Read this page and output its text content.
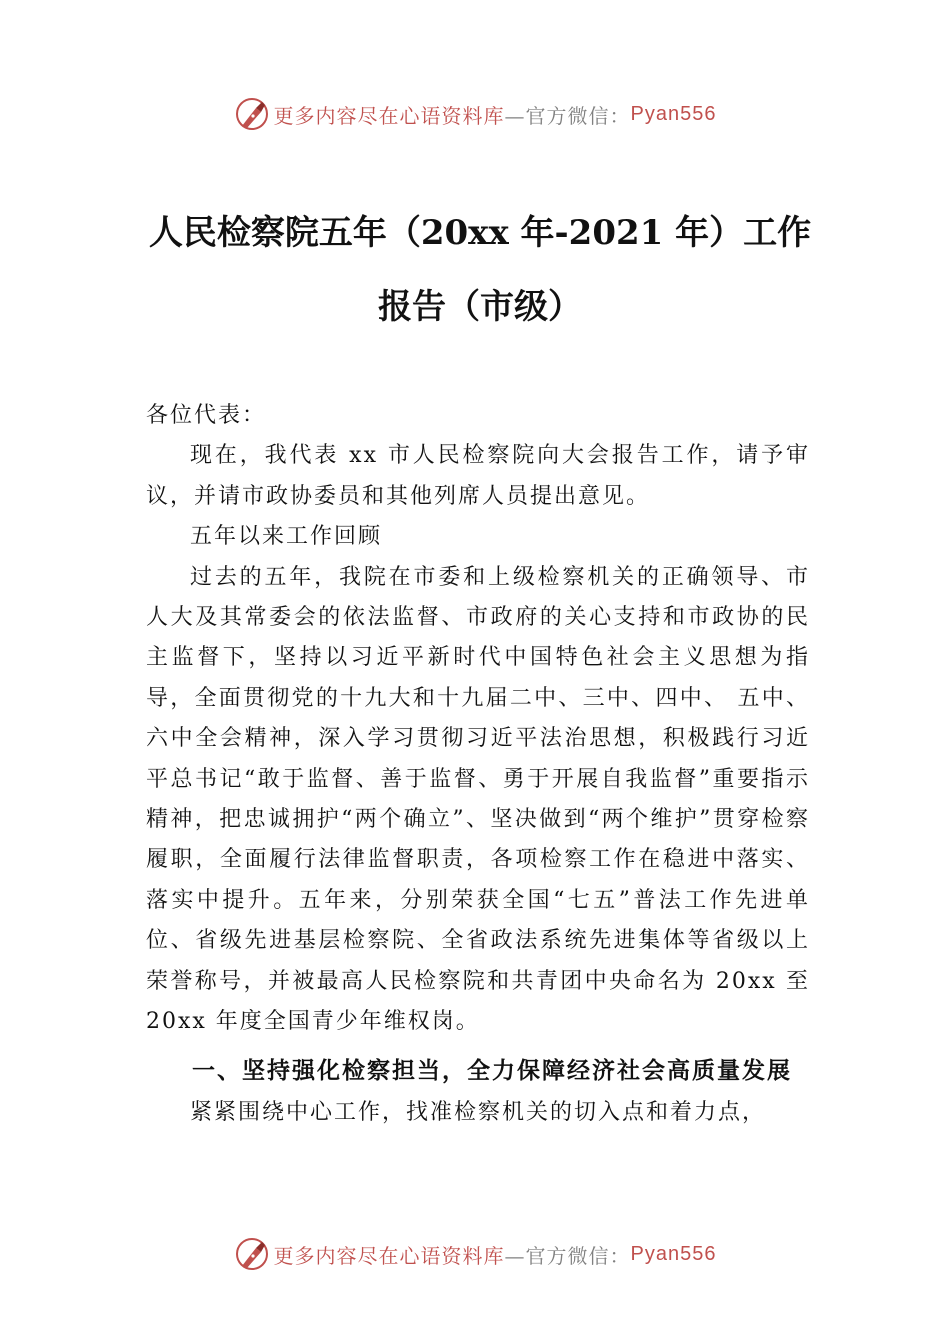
更多内容尽在心语资料库 —官方微信： Pyan556
人民检察院五年（20xx 年-2021 年）工作报告（市级）

各位代表：

现在，我代表 xx 市人民检察院向大会报告工作，请予审议，并请市政协委员和其他列席人员提出意见。

五年以来工作回顾

过去的五年，我院在市委和上级检察机关的正确领导、市人大及其常委会的依法监督、市政府的关心支持和市政协的民主监督下，坚持以习近平新时代中国特色社会主义思想为指导，全面贯彻党的十九大和十九届二中、三中、四中、 五中、六中全会精神，深入学习贯彻习近平法治思想，积极践行习近平总书记“敢于监督、善于监督、勇于开展自我监督”重要指示精神，把忠诚拥护“两个确立”、坚决做到“两个维护”贯穿检察履职，全面履行法律监督职责，各项检察工作在稳进中落实、落实中提升。五年来，分别荣获全国“七五”普法工作先进单位、省级先进基层检察院、全省政法系统先进集体等省级以上荣誉称号，并被最高人民检察院和共青团中央命名为 20xx 至 20xx 年度全国青少年维权岗。

一、坚持强化检察担当，全力保障经济社会高质量发展

紧紧围绕中心工作，找准检察机关的切入点和着力点，

更多内容尽在心语资料库 —官方微信： Pyan556
